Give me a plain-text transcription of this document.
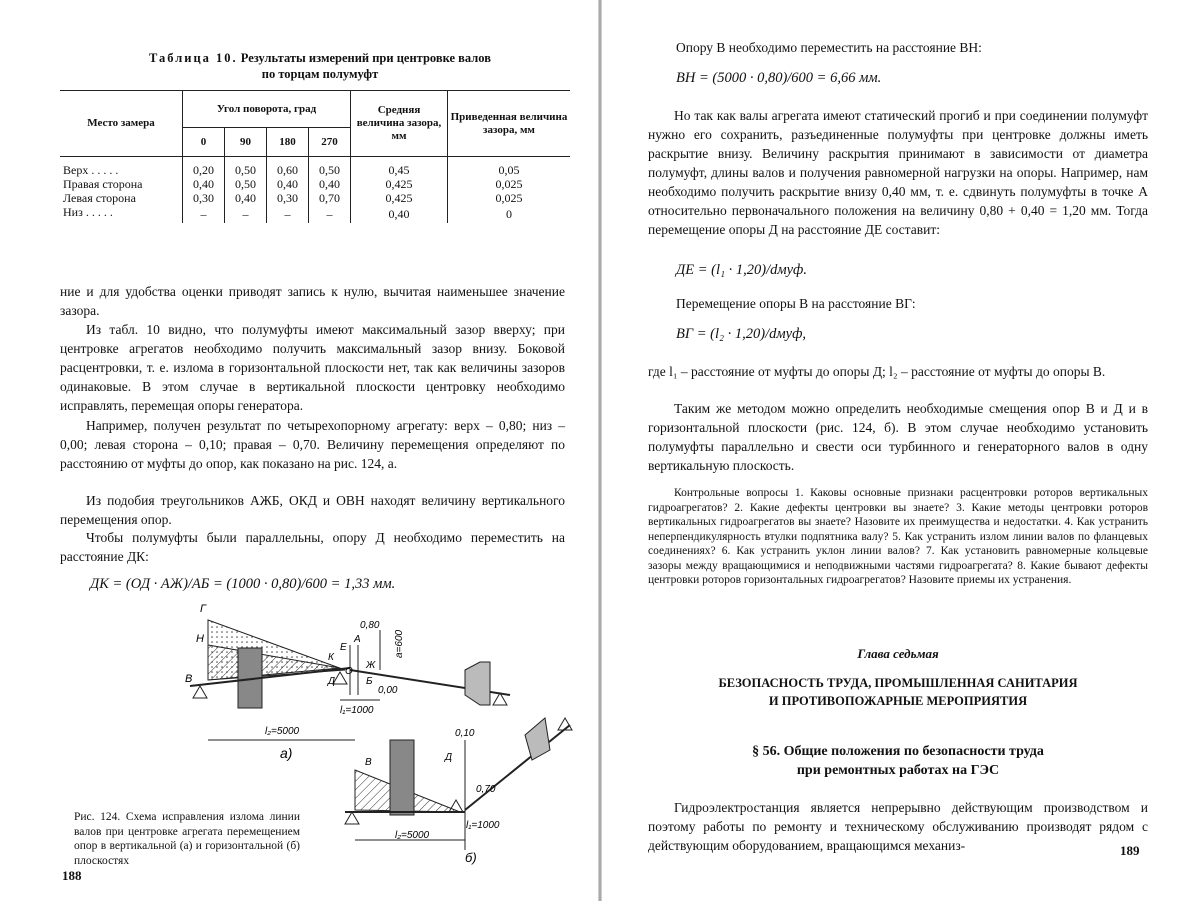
Таблица 10. Результаты измерений при центровке валов
по торцам полумуфт
Место замера	Угол поворота, град				Средняя величина зазора, мм	Приведенная величина зазора, мм
	0	90	180	270		
Верх . . . . .	0,20	0,50	0,60	0,50	0,45	0,05
Правая сторона	0,40	0,50	0,40	0,40	0,425	0,025
Левая сторона	0,30	0,40	0,30	0,70	0,425	0,025
Низ . . . . .	–	–	–	–	0,40	0
ние и для удобства оценки приводят запись к нулю, вычитая наименьшее значение зазора.
Из табл. 10 видно, что полумуфты имеют максимальный зазор вверху; при центровке агрегатов необходимо получить максимальный зазор внизу. Боковой расцентровки, т. е. излома в горизонтальной плоскости нет, так как величины зазоров одинаковые. В этом случае в вертикальной плоскости центровку необходимо исправлять, перемещая опоры генератора.
Например, получен результат по четырехопорному агрегату: верх – 0,80; низ – 0,00; левая сторона – 0,10; правая – 0,70. Величину перемещения определяют по расстоянию от муфты до опор, как показано на рис. 124, а.
Из подобия треугольников АЖБ, ОКД и ОВН находят величину вертикального перемещения опор.
Чтобы полумуфты были параллельны, опору Д необходимо переместить на расстояние ДК:
ДК = (ОД · АЖ)/АБ = (1000 · 0,80)/600 = 1,33 мм.
Г
Н
В
К
Е
А
Ж
Д	Б
О
0,80
а=600
0,00
l₁=1000
l₂=5000
а)
В	Д
0,10
0,70
l₁=1000
l₂=5000
б)
Рис. 124. Схема исправления излома линии валов при центровке агрегата перемещением опор в вертикальной (а) и горизонтальной (б) плоскостях
188
Опору В необходимо переместить на расстояние ВН:
ВН = (5000 · 0,80)/600 = 6,66 мм.
Но так как валы агрегата имеют статический прогиб и при соединении полумуфт нужно его сохранить, разъединенные полумуфты при центровке должны иметь раскрытие внизу. Величину раскрытия принимают в зависимости от диаметра полумуфт, длины валов и получения равномерной нагрузки на опоры. Например, нам необходимо получить раскрытие внизу 0,40 мм, т. е. сдвинуть полумуфты в точке А относительно первоначального положения на величину 0,80 + 0,40 = 1,20 мм. Тогда перемещение опоры Д на расстояние ДЕ составит:
ДЕ = (l₁ · 1,20)/dмуф.
Перемещение опоры В на расстояние ВГ:
ВГ = (l₂ · 1,20)/dмуф,
где l₁ – расстояние от муфты до опоры Д; l₂ – расстояние от муфты до опоры В.
Таким же методом можно определить необходимые смещения опор В и Д и в горизонтальной плоскости (рис. 124, б). В этом случае необходимо установить полумуфты параллельно и свести оси турбинного и генераторного валов в одну вертикальную плоскость.
Контрольные вопросы 1. Каковы основные признаки расцентровки роторов вертикальных гидроагрегатов? 2. Какие дефекты центровки вы знаете? 3. Какие методы центровки роторов вертикальных гидроагрегатов вы знаете? Назовите их преимущества и недостатки. 4. Как устранить неперпендикулярность втулки подпятника валу? 5. Как устранить излом линии валов по фланцевых соединениях? 6. Как устранить уклон линии валов? 7. Как установить равномерные кольцевые зазоры между вращающимися и неподвижными частями гидроагрегата? 8. Какие бывают дефекты центровки роторов горизонтальных гидроагрегатов? Назовите приемы их устранения.
Глава седьмая
БЕЗОПАСНОСТЬ ТРУДА, ПРОМЫШЛЕННАЯ САНИТАРИЯ
И ПРОТИВОПОЖАРНЫЕ МЕРОПРИЯТИЯ
§ 56. Общие положения по безопасности труда
при ремонтных работах на ГЭС
Гидроэлектростанция является непрерывно действующим производством и поэтому работы по ремонту и техническому обслуживанию производят рядом с действующим оборудованием, вращающимся механиз-	189
